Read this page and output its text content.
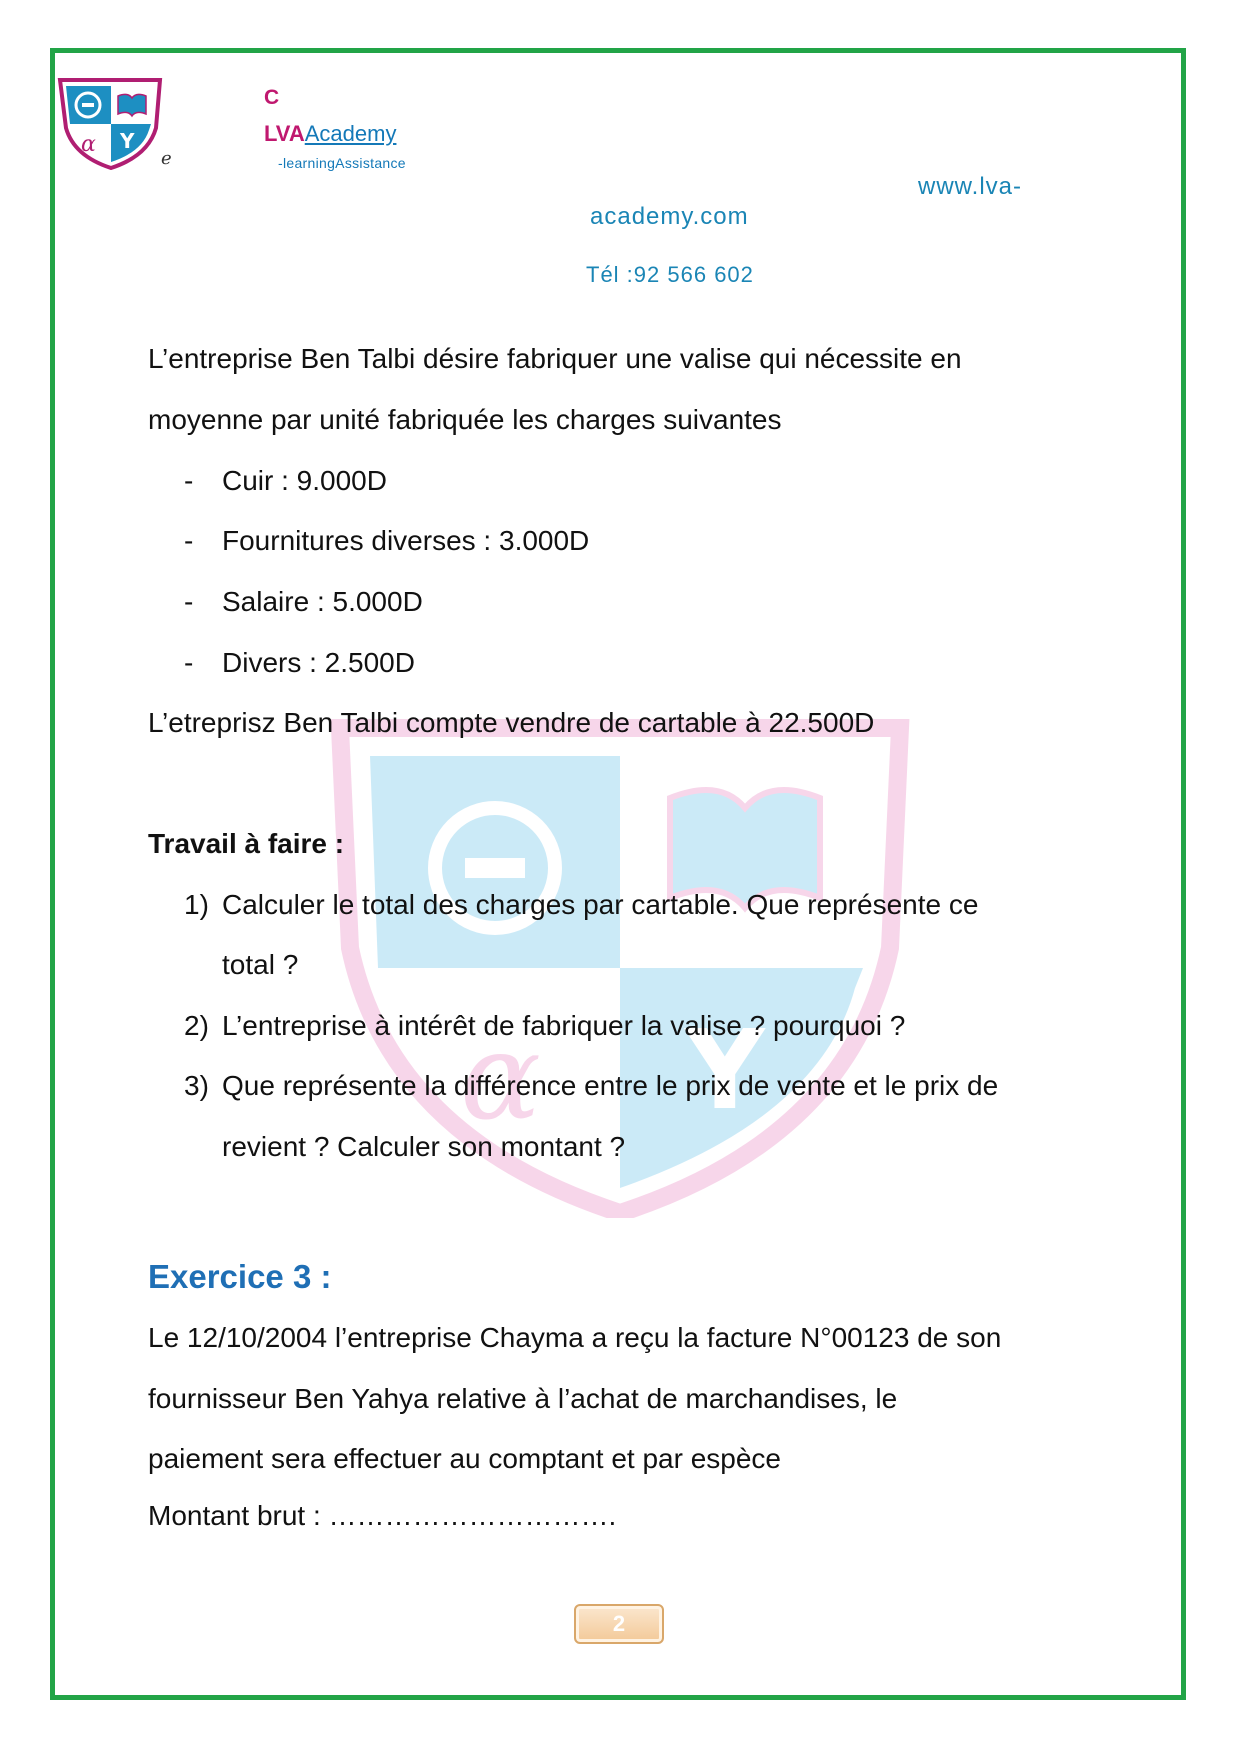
α Y
e
C
LVAAcademy
-learningAssistance
www.lva-
academy.com
Tél :92 566 602
α Y
L’entreprise Ben Talbi désire fabriquer une valise qui nécessite en
moyenne par unité fabriquée les charges suivantes
- Cuir : 9.000D
- Fournitures diverses : 3.000D
- Salaire : 5.000D
- Divers : 2.500D
L’etreprisz Ben Talbi compte vendre de cartable à 22.500D
Travail à faire :
1) Calculer le total des charges par cartable. Que représente ce
total ?
2) L’entreprise à intérêt de fabriquer la valise ? pourquoi ?
3) Que représente la différence entre le prix de vente et le prix de
revient ? Calculer son montant ?
Exercice 3 :
Le 12/10/2004 l’entreprise Chayma a reçu la facture N°00123 de son
fournisseur Ben Yahya relative à l’achat de marchandises, le
paiement sera effectuer au comptant et par espèce
Montant brut : ………………………….
2
